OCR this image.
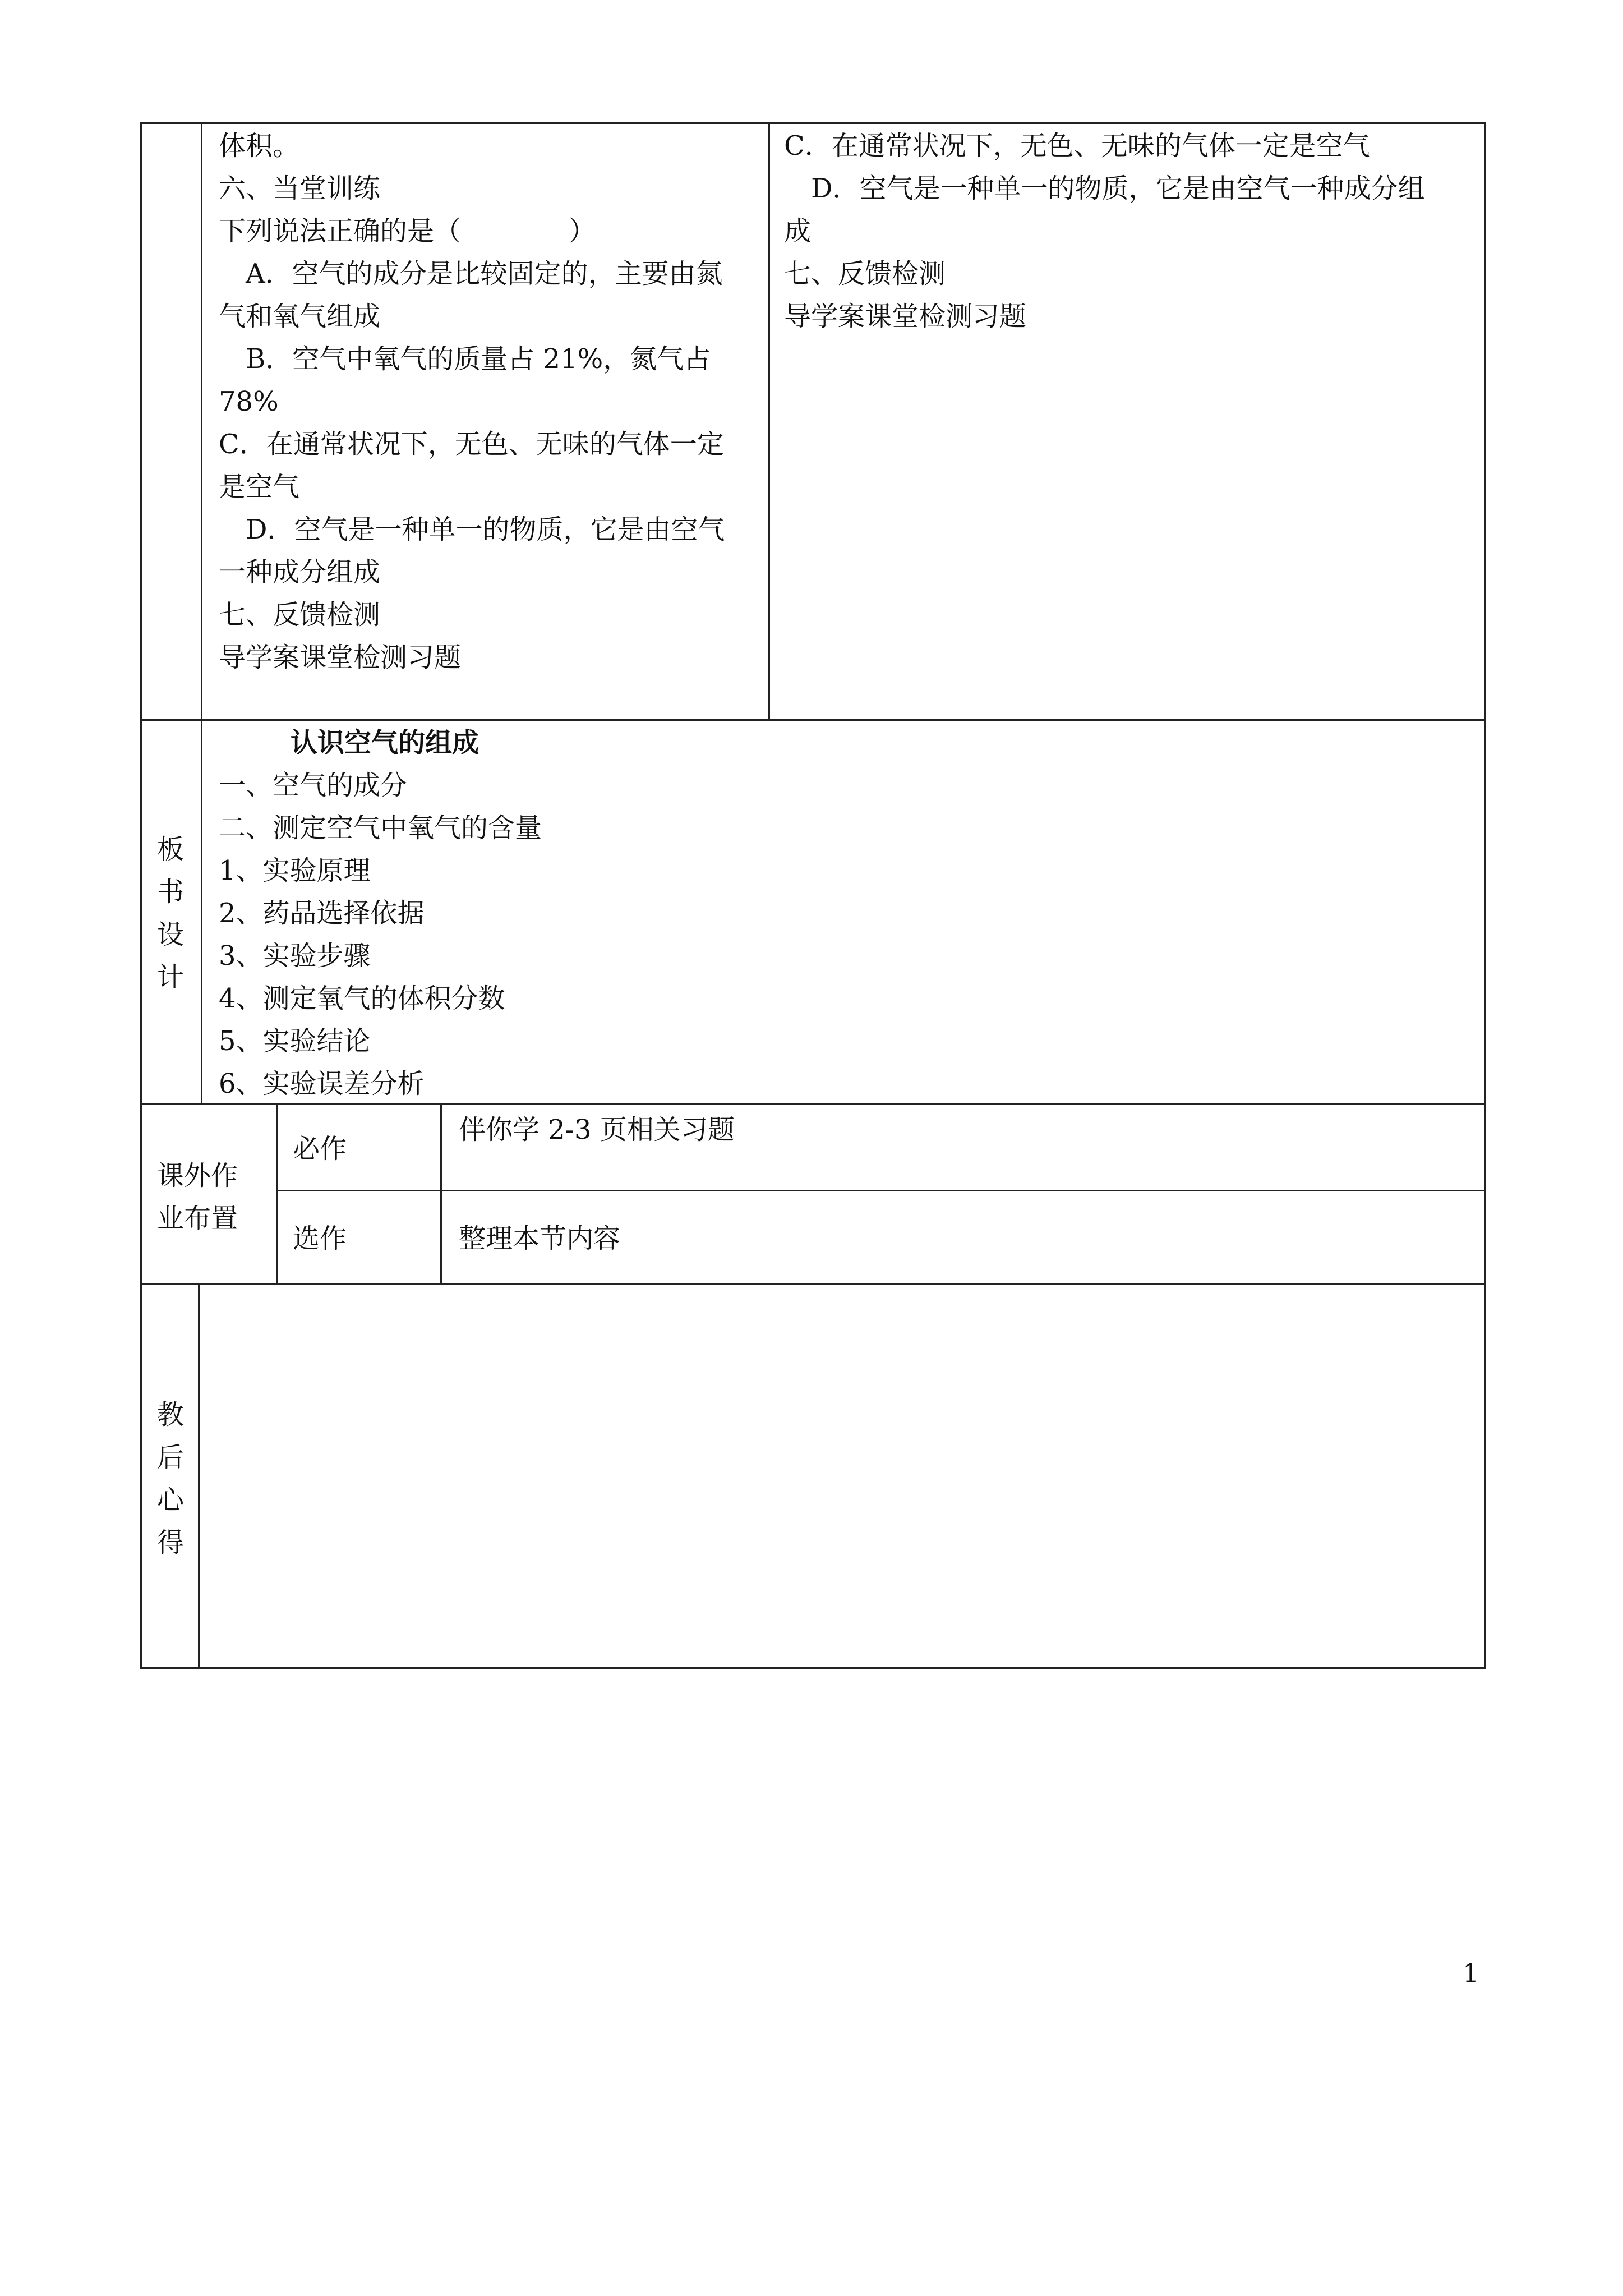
体积。
六、当堂训练
下列说法正确的是（　　　　）
　A．空气的成分是比较固定的，主要由氮
气和氧气组成
　B．空气中氧气的质量占 21%，氮气占
78%
C．在通常状况下，无色、无味的气体一定
是空气
　D．空气是一种单一的物质，它是由空气
一种成分组成
七、反馈检测
导学案课堂检测习题
C．在通常状况下，无色、无味的气体一定是空气
　D．空气是一种单一的物质，它是由空气一种成分组
成
七、反馈检测
导学案课堂检测习题
板
书
设
计
认识空气的组成
一、空气的成分
二、测定空气中氧气的含量
1、实验原理
2、药品选择依据
3、实验步骤
4、测定氧气的体积分数
5、实验结论
6、实验误差分析
课外作
业布置
必作
伴你学 2-3 页相关习题
选作	整理本节内容
教
后
心
得
1
